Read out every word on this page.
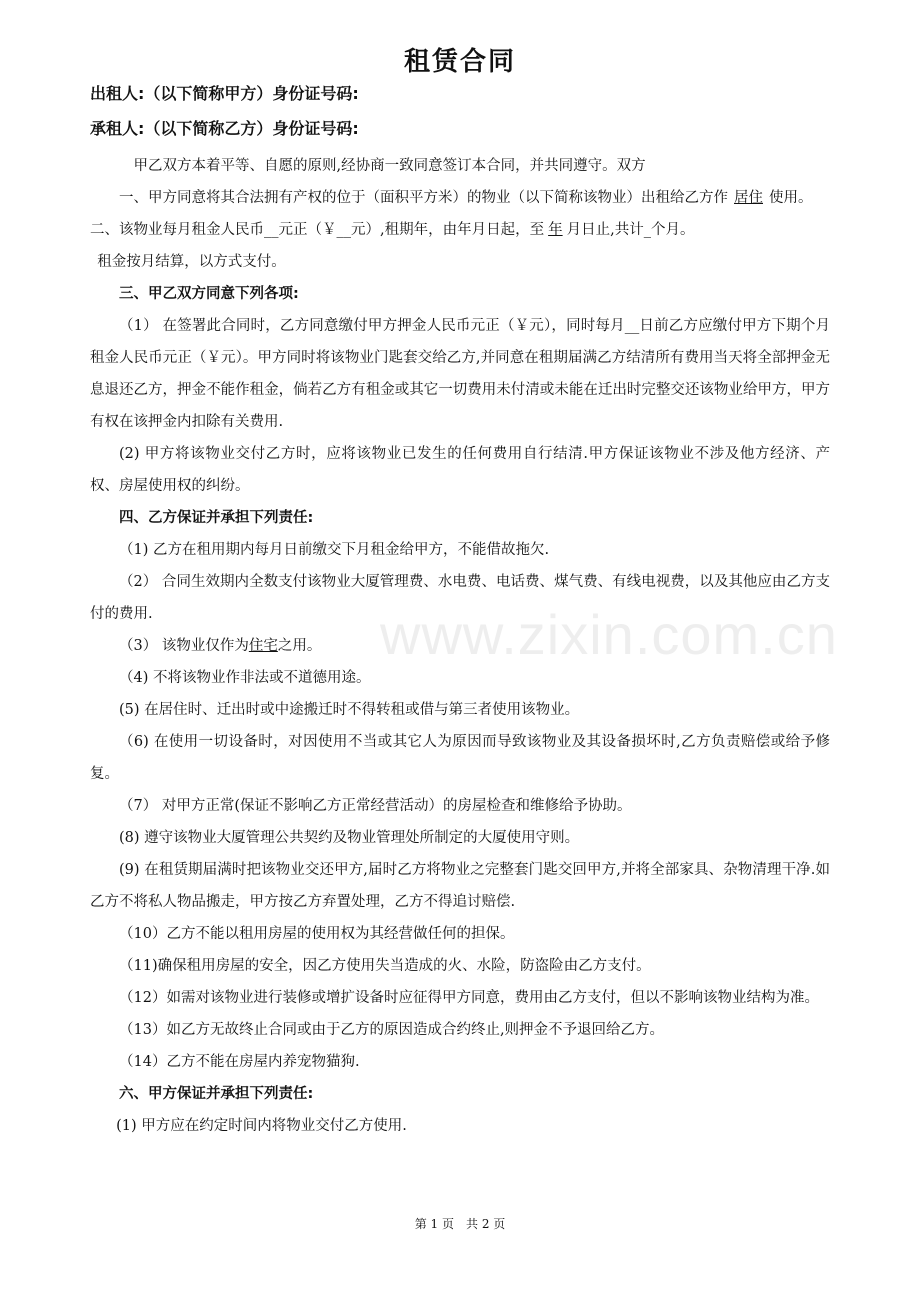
租赁合同
出租人:（以下简称甲方）身份证号码:
承租人:（以下简称乙方）身份证号码:

甲乙双方本着平等、自愿的原则,经协商一致同意签订本合同，并共同遵守。双方

一、甲方同意将其合法拥有产权的位于（面积平方米）的物业（以下简称该物业）出租给乙方作 居住 使用。

二、该物业每月租金人民币__元正（￥__元）,租期年，由年月日起，至 年 月日止,共计_个月。

租金按月结算，以方式支付。

三、甲乙双方同意下列各项:

（1） 在签署此合同时，乙方同意缴付甲方押金人民币元正（￥元），同时每月__日前乙方应缴付甲方下期个月租金人民币元正（￥元）。甲方同时将该物业门匙套交给乙方,并同意在租期届满乙方结清所有费用当天将全部押金无息退还乙方，押金不能作租金，倘若乙方有租金或其它一切费用未付清或未能在迁出时完整交还该物业给甲方，甲方有权在该押金内扣除有关费用.

(2) 甲方将该物业交付乙方时，应将该物业已发生的任何费用自行结清.甲方保证该物业不涉及他方经济、产权、房屋使用权的纠纷。

四、乙方保证并承担下列责任:

（1) 乙方在租用期内每月日前缴交下月租金给甲方，不能借故拖欠.

（2） 合同生效期内全数支付该物业大厦管理费、水电费、电话费、煤气费、有线电视费，以及其他应由乙方支付的费用.

（3） 该物业仅作为住宅之用。

（4) 不将该物业作非法或不道德用途。

(5) 在居住时、迁出时或中途搬迁时不得转租或借与第三者使用该物业。

（6) 在使用一切设备时，对因使用不当或其它人为原因而导致该物业及其设备损坏时,乙方负责赔偿或给予修复。

（7） 对甲方正常(保证不影响乙方正常经营活动）的房屋检查和维修给予协助。

(8) 遵守该物业大厦管理公共契约及物业管理处所制定的大厦使用守则。

(9) 在租赁期届满时把该物业交还甲方,届时乙方将物业之完整套门匙交回甲方,并将全部家具、杂物清理干净.如乙方不将私人物品搬走，甲方按乙方弃置处理，乙方不得追讨赔偿.

（10）乙方不能以租用房屋的使用权为其经营做任何的担保。

（11)确保租用房屋的安全，因乙方使用失当造成的火、水险，防盗险由乙方支付。

（12）如需对该物业进行装修或增扩设备时应征得甲方同意，费用由乙方支付，但以不影响该物业结构为准。

（13）如乙方无故终止合同或由于乙方的原因造成合约终止,则押金不予退回给乙方。

（14）乙方不能在房屋内养宠物猫狗.

六、甲方保证并承担下列责任:

(1) 甲方应在约定时间内将物业交付乙方使用.

www.zixin.com.cn
第 1 页　共 2 页
